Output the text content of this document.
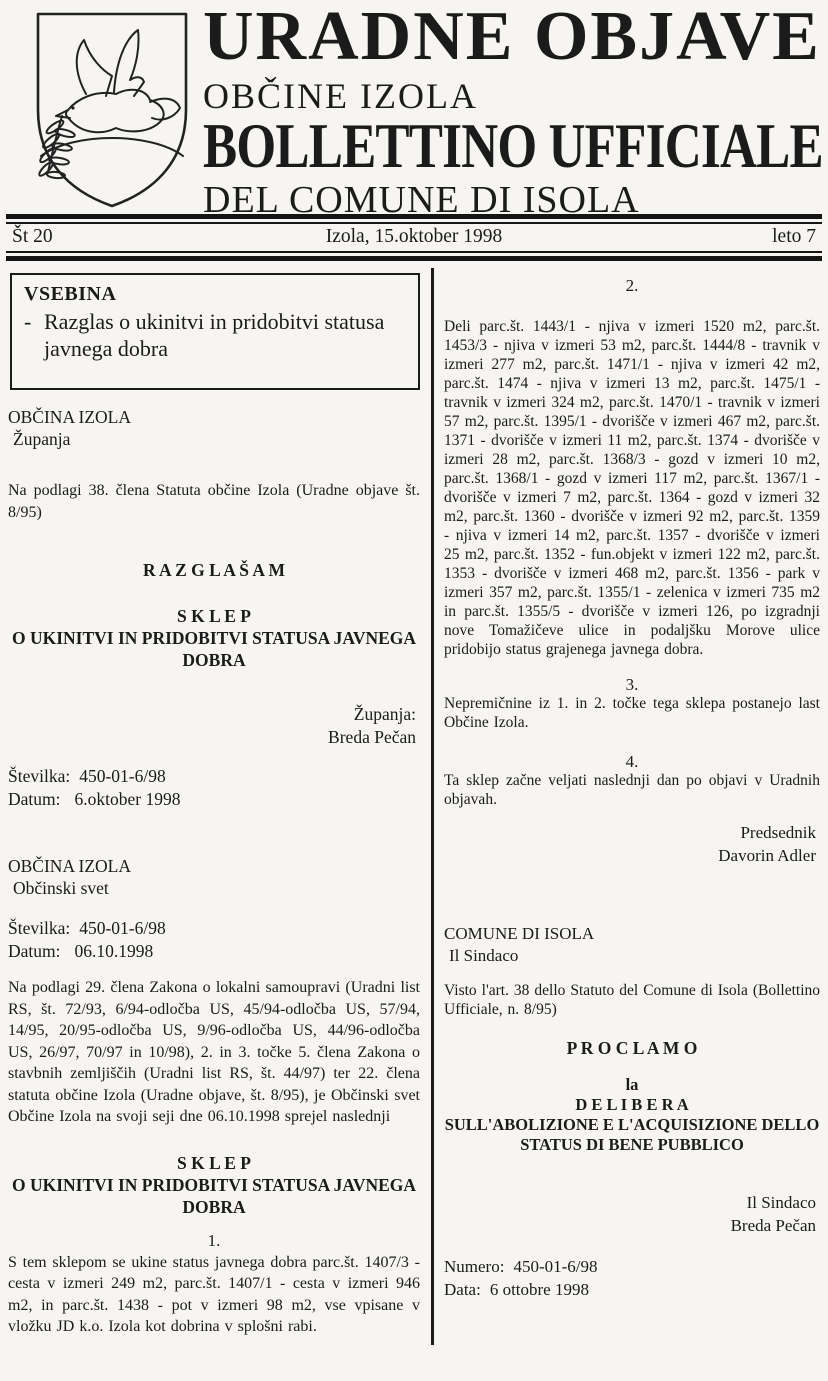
URADNE OBJAVE
OBČINE IZOLA
BOLLETTINO UFFICIALE
DEL COMUNE DI ISOLA
Št 20	Izola, 15.oktober 1998	leto 7
VSEBINA
- Razglas o ukinitvi in pridobitvi statusa javnega dobra
OBČINA IZOLA
Županja

Na podlagi 38. člena Statuta občine Izola (Uradne objave št. 8/95)

R A Z G L A Š A M
S K L E P
O UKINITVI IN PRIDOBITVI STATUSA JAVNEGA
DOBRA
Županja:
Breda Pečan
Številka: 450-01-6/98
Datum: 6.oktober 1998
OBČINA IZOLA
Občinski svet
Številka: 450-01-6/98
Datum: 06.10.1998

Na podlagi 29. člena Zakona o lokalni samoupravi (Uradni list RS, št. 72/93, 6/94-odločba US, 45/94-odločba US, 57/94, 14/95, 20/95-odločba US, 9/96-odločba US, 44/96-odločba US, 26/97, 70/97 in 10/98), 2. in 3. točke 5. člena Zakona o stavbnih zemljiščih (Uradni list RS, št. 44/97) ter 22. člena statuta občine Izola (Uradne objave, št. 8/95), je Občinski svet Občine Izola na svoji seji dne 06.10.1998 sprejel naslednji

S K L E P
O UKINITVI IN PRIDOBITVI STATUSA JAVNEGA
DOBRA
1.

S tem sklepom se ukine status javnega dobra parc.št. 1407/3 - cesta v izmeri 249 m2, parc.št. 1407/1 - cesta v izmeri 946 m2, in parc.št. 1438 - pot v izmeri 98 m2, vse vpisane v vložku JD k.o. Izola kot dobrina v splošni rabi.

2.

Deli parc.št. 1443/1 - njiva v izmeri 1520 m2, parc.št. 1453/3 - njiva v izmeri 53 m2, parc.št. 1444/8 - travnik v izmeri 277 m2, parc.št. 1471/1 - njiva v izmeri 42 m2, parc.št. 1474 - njiva v izmeri 13 m2, parc.št. 1475/1 - travnik v izmeri 324 m2, parc.št. 1470/1 - travnik v izmeri 57 m2, parc.št. 1395/1 - dvorišče v izmeri 467 m2, parc.št. 1371 - dvorišče v izmeri 11 m2, parc.št. 1374 - dvorišče v izmeri 28 m2, parc.št. 1368/3 - gozd v izmeri 10 m2, parc.št. 1368/1 - gozd v izmeri 117 m2, parc.št. 1367/1 - dvorišče v izmeri 7 m2, parc.št. 1364 - gozd v izmeri 32 m2, parc.št. 1360 - dvorišče v izmeri 92 m2, parc.št. 1359 - njiva v izmeri 14 m2, parc.št. 1357 - dvorišče v izmeri 25 m2, parc.št. 1352 - fun.objekt v izmeri 122 m2, parc.št. 1353 - dvorišče v izmeri 468 m2, parc.št. 1356 - park v izmeri 357 m2, parc.št. 1355/1 - zelenica v izmeri 735 m2 in parc.št. 1355/5 - dvorišče v izmeri 126, po izgradnji nove Tomažičeve ulice in podaljšku Morove ulice pridobijo status grajenega javnega dobra.

3.

Nepremičnine iz 1. in 2. točke tega sklepa postanejo last Občine Izola.

4.

Ta sklep začne veljati naslednji dan po objavi v Uradnih objavah.

Predsednik
Davorin Adler
COMUNE DI ISOLA
Il Sindaco

Visto l'art. 38 dello Statuto del Comune di Isola (Bollettino Ufficiale, n. 8/95)

P R O C L A M O
la
D E L I B E R A
SULL'ABOLIZIONE E L'ACQUISIZIONE DELLO
STATUS DI BENE PUBBLICO
Il Sindaco
Breda Pečan
Numero: 450-01-6/98
Data: 6 ottobre 1998
